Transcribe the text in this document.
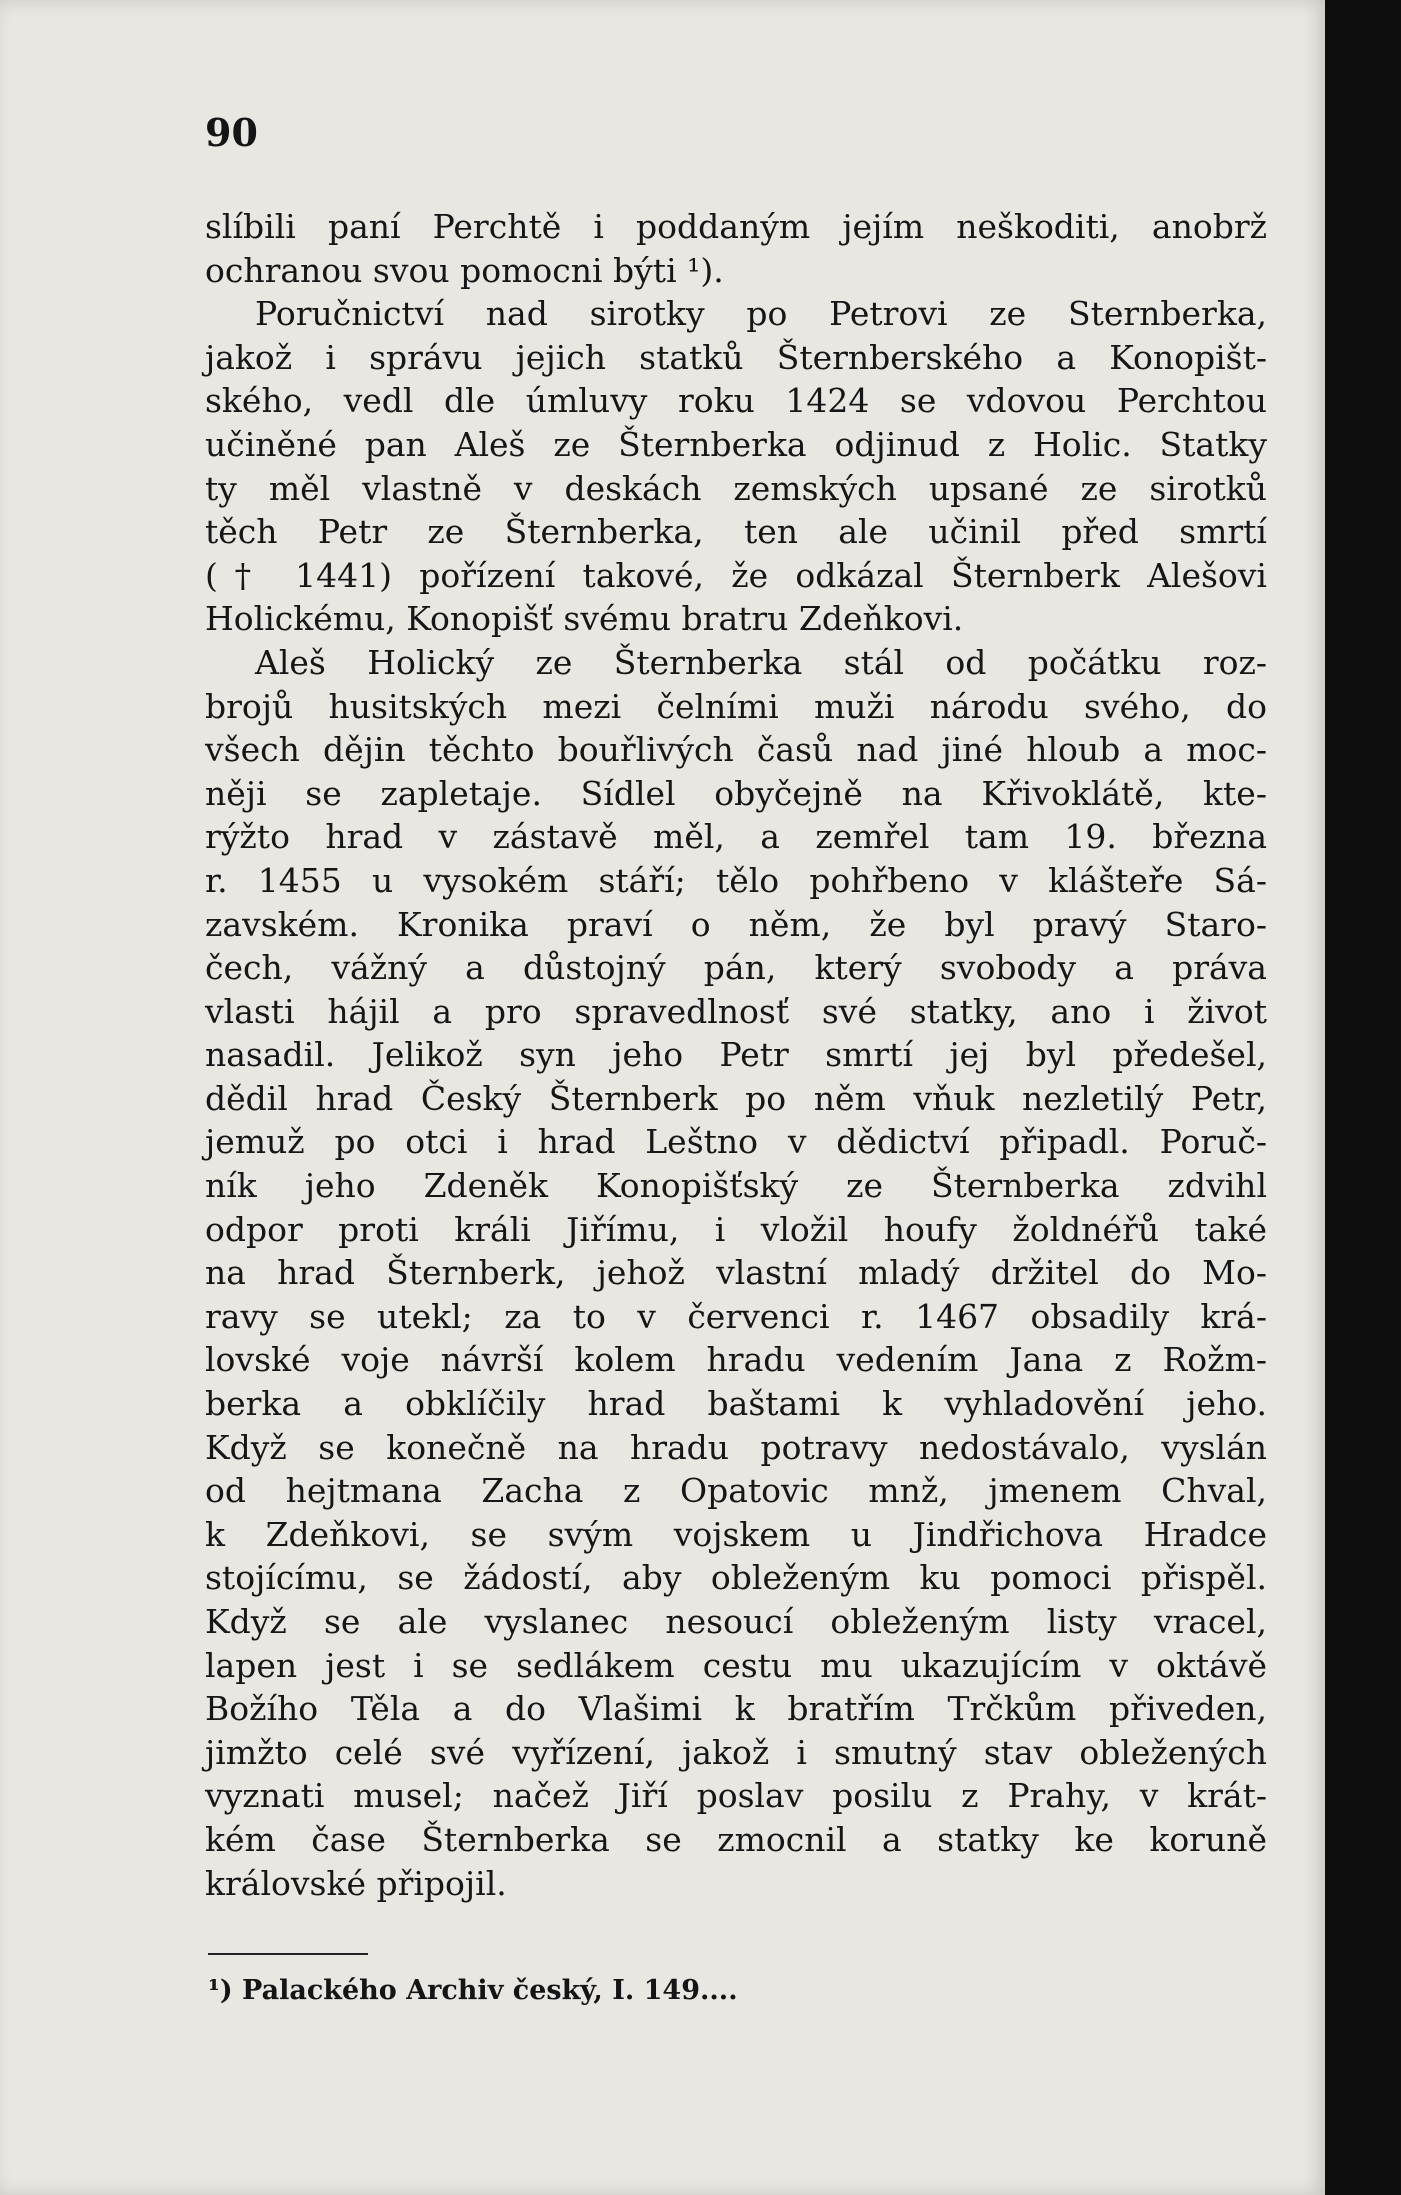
90
slíbili paní Perchtě i poddaným jejím neškoditi, anobrž
ochranou svou pomocni býti ¹).
Poručnictví nad sirotky po Petrovi ze Sternberka,
jakož i správu jejich statků Šternberského a Konopišt-
ského, vedl dle úmluvy roku 1424 se vdovou Perchtou
učiněné pan Aleš ze Šternberka odjinud z Holic. Statky
ty měl vlastně v deskách zemských upsané ze sirotků
těch Petr ze Šternberka, ten ale učinil před smrtí
(† 1441) pořízení takové, že odkázal Šternberk Alešovi
Holickému, Konopišť svému bratru Zdeňkovi.
Aleš Holický ze Šternberka stál od počátku roz-
brojů husitských mezi čelními muži národu svého, do
všech dějin těchto bouřlivých časů nad jiné hloub a moc-
něji se zapletaje. Sídlel obyčejně na Křivoklátě, kte-
rýžto hrad v zástavě měl, a zemřel tam 19. března
r. 1455 u vysokém stáří; tělo pohřbeno v klášteře Sá-
zavském. Kronika praví o něm, že byl pravý Staro-
čech, vážný a důstojný pán, který svobody a práva
vlasti hájil a pro spravedlnosť své statky, ano i život
nasadil. Jelikož syn jeho Petr smrtí jej byl předešel,
dědil hrad Český Šternberk po něm vňuk nezletilý Petr,
jemuž po otci i hrad Leštno v dědictví připadl. Poruč-
ník jeho Zdeněk Konopišťský ze Šternberka zdvihl
odpor proti králi Jiřímu, i vložil houfy žoldnéřů také
na hrad Šternberk, jehož vlastní mladý držitel do Mo-
ravy se utekl; za to v červenci r. 1467 obsadily krá-
lovské voje návrší kolem hradu vedením Jana z Rožm-
berka a obklíčily hrad baštami k vyhladovění jeho.
Když se konečně na hradu potravy nedostávalo, vyslán
od hejtmana Zacha z Opatovic mnž, jmenem Chval,
k Zdeňkovi, se svým vojskem u Jindřichova Hradce
stojícímu, se žádostí, aby obleženým ku pomoci přispěl.
Když se ale vyslanec nesoucí obleženým listy vracel,
lapen jest i se sedlákem cestu mu ukazujícím v oktávě
Božího Těla a do Vlašimi k bratřím Trčkům přiveden,
jimžto celé své vyřízení, jakož i smutný stav obležených
vyznati musel; načež Jiří poslav posilu z Prahy, v krát-
kém čase Šternberka se zmocnil a statky ke koruně
královské připojil.
¹) Palackého Archiv český, I. 149....
